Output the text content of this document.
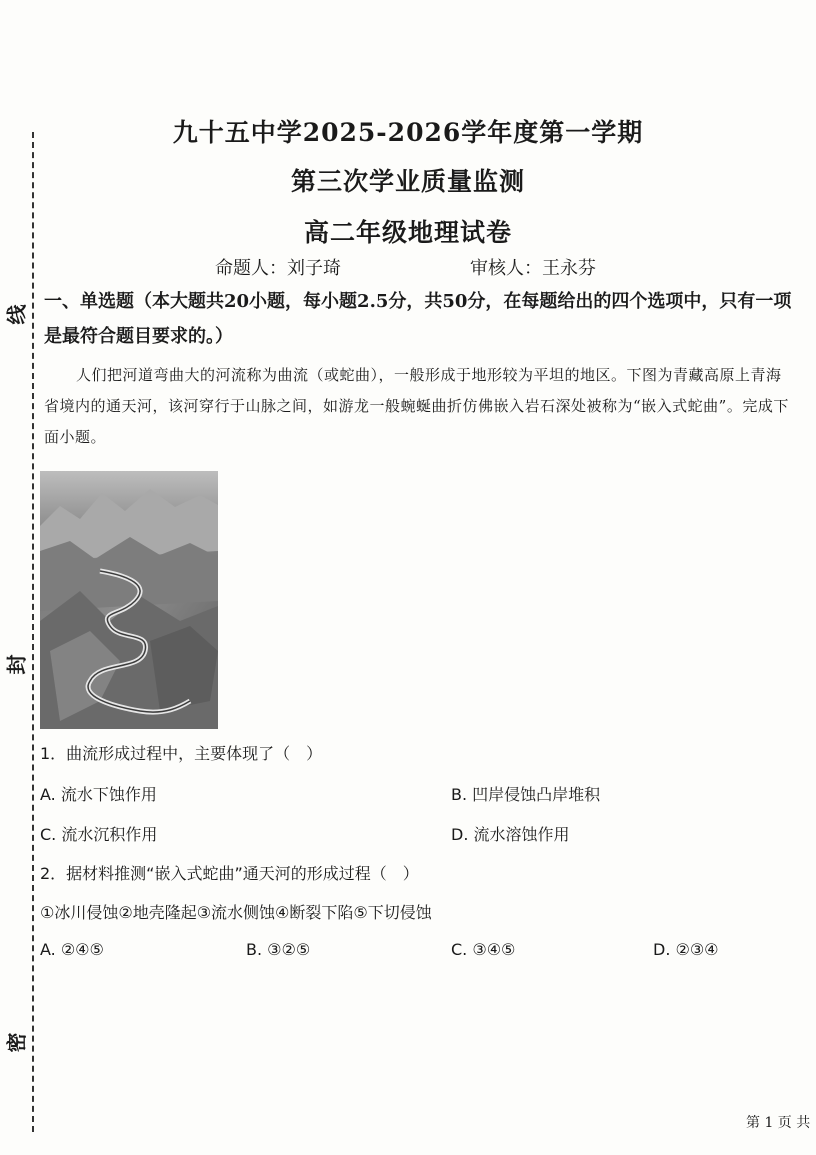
线
封
密
九十五中学2025-2026学年度第一学期
第三次学业质量监测
高二年级地理试卷
命题人：刘子琦	审核人：王永芬
一、单选题（本大题共20小题，每小题2.5分，共50分，在每题给出的四个选项中，只有一项是最符合题目要求的。）
人们把河道弯曲大的河流称为曲流（或蛇曲），一般形成于地形较为平坦的地区。下图为青藏高原上青海省境内的通天河，该河穿行于山脉之间，如游龙一般蜿蜒曲折仿佛嵌入岩石深处被称为“嵌入式蛇曲”。完成下面小题。
1．曲流形成过程中，主要体现了（　）
A. 流水下蚀作用	B. 凹岸侵蚀凸岸堆积
C. 流水沉积作用	D. 流水溶蚀作用
2．据材料推测“嵌入式蛇曲”通天河的形成过程（　）
①冰川侵蚀②地壳隆起③流水侧蚀④断裂下陷⑤下切侵蚀
A. ②④⑤	B. ③②⑤	C. ③④⑤	D. ②③④
第 1 页 共
